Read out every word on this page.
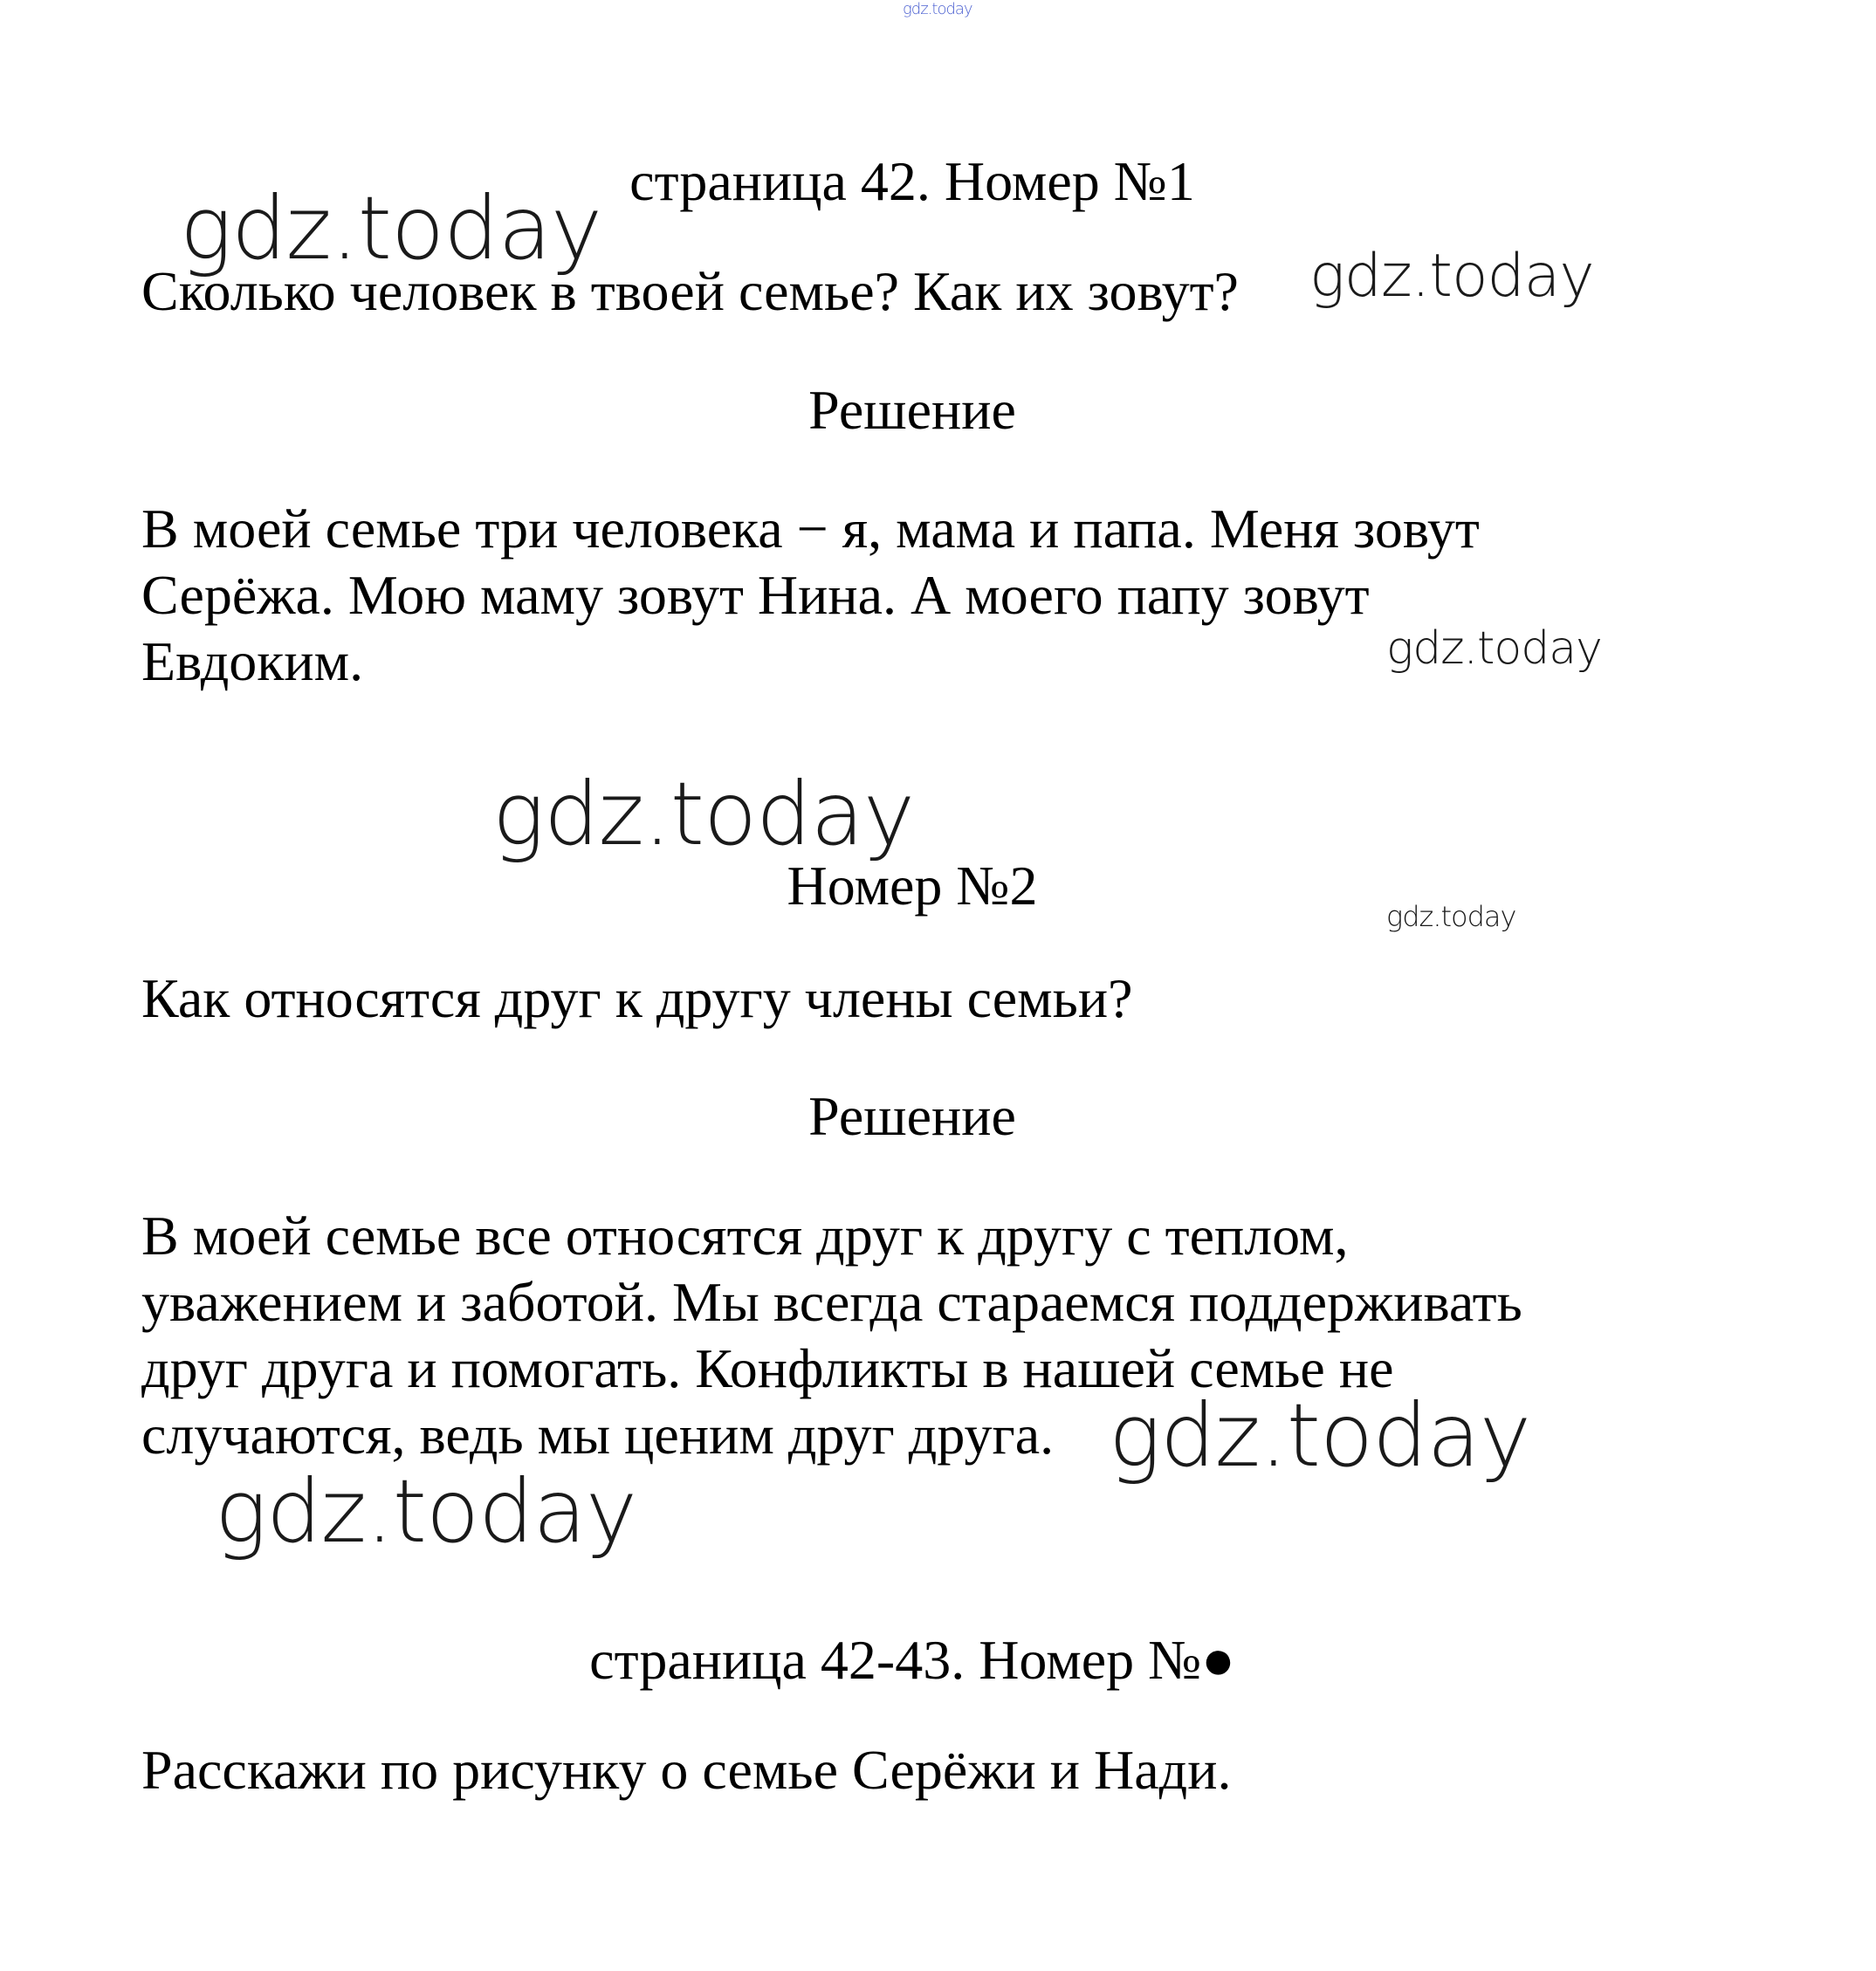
gdz.today
страница 42. Номер №1
gdz.today
Сколько человек в твоей семье? Как их зовут? gdz.today
Решение
В моей семье три человека − я, мама и папа. Меня зовут
Серёжа. Мою маму зовут Нина. А моего папу зовут
Евдоким.	gdz.today
gdz.today
Номер №2	gdz.today
Как относятся друг к другу члены семьи?
Решение
В моей семье все относятся друг к другу с теплом,
уважением и заботой. Мы всегда стараемся поддерживать
друг друга и помогать. Конфликты в нашей семье не
случаются, ведь мы ценим друг друга. gdz.today
gdz.today
страница 42-43. Номер №●
Расскажи по рисунку о семье Серёжи и Нади.
